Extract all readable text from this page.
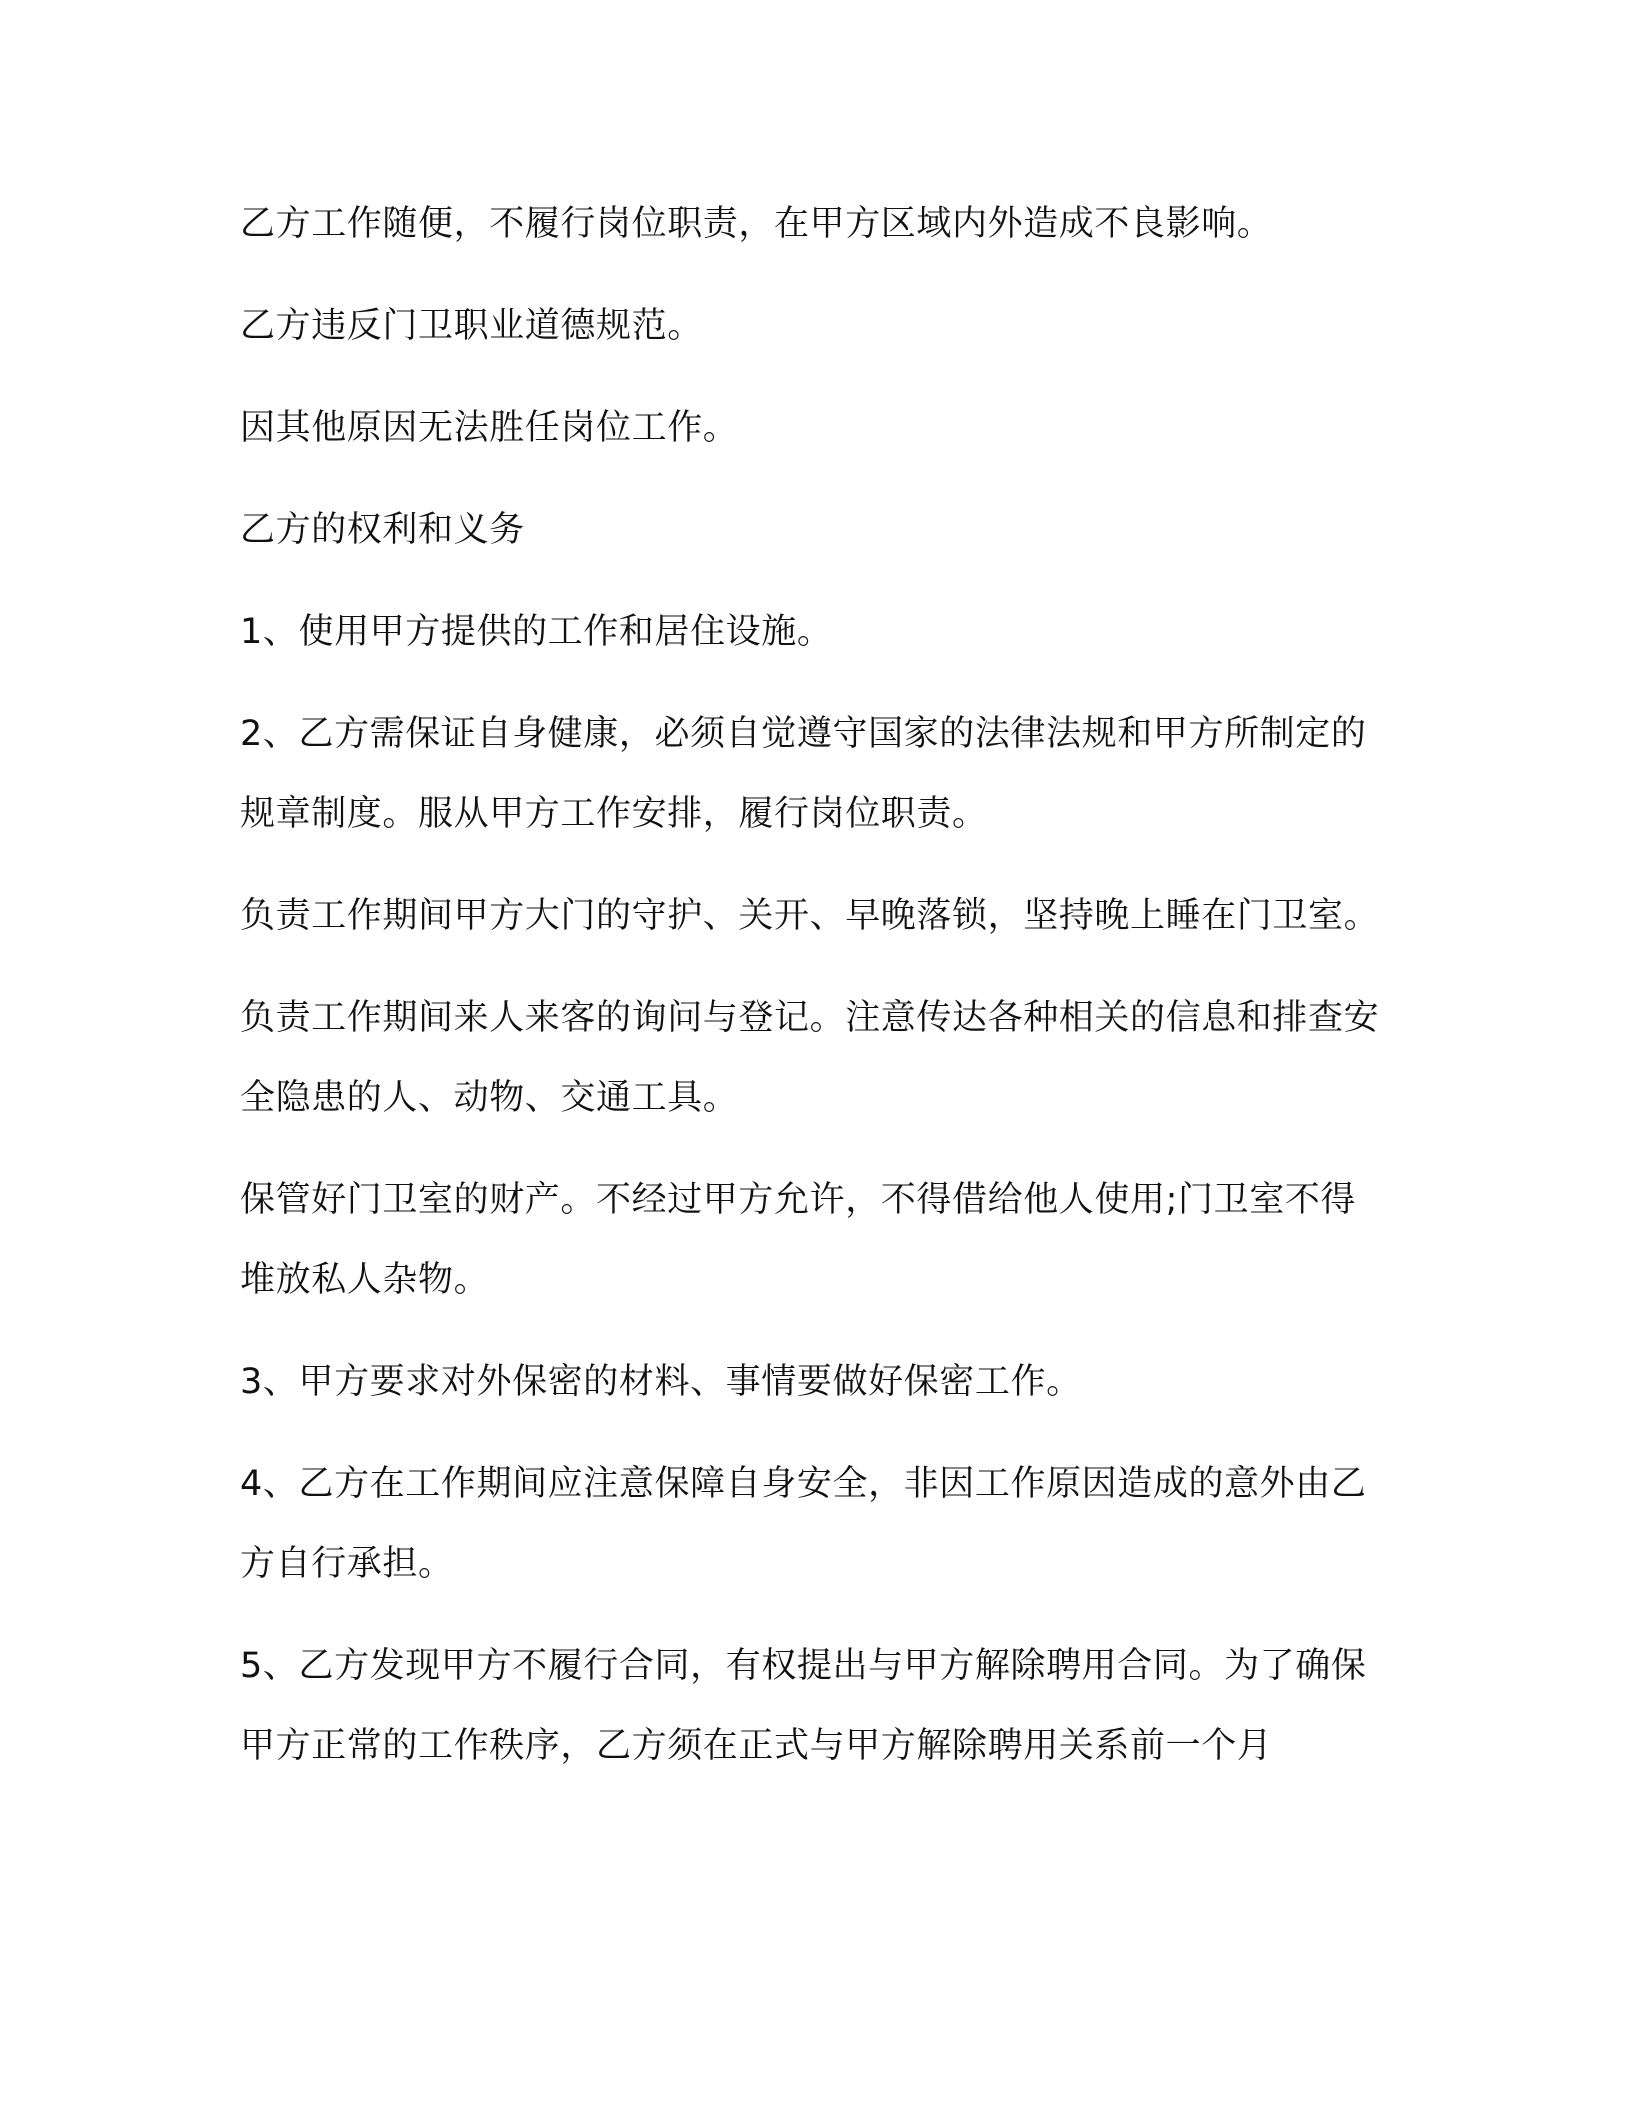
乙方工作随便，不履行岗位职责，在甲方区域内外造成不良影响。

乙方违反门卫职业道德规范。

因其他原因无法胜任岗位工作。

乙方的权利和义务

1、使用甲方提供的工作和居住设施。

2、乙方需保证自身健康，必须自觉遵守国家的法律法规和甲方所制定的规章制度。服从甲方工作安排，履行岗位职责。

负责工作期间甲方大门的守护、关开、早晚落锁，坚持晚上睡在门卫室。

负责工作期间来人来客的询问与登记。注意传达各种相关的信息和排查安全隐患的人、动物、交通工具。

保管好门卫室的财产。不经过甲方允许，不得借给他人使用;门卫室不得堆放私人杂物。

3、甲方要求对外保密的材料、事情要做好保密工作。

4、乙方在工作期间应注意保障自身安全，非因工作原因造成的意外由乙方自行承担。

5、乙方发现甲方不履行合同，有权提出与甲方解除聘用合同。为了确保甲方正常的工作秩序，乙方须在正式与甲方解除聘用关系前一个月
